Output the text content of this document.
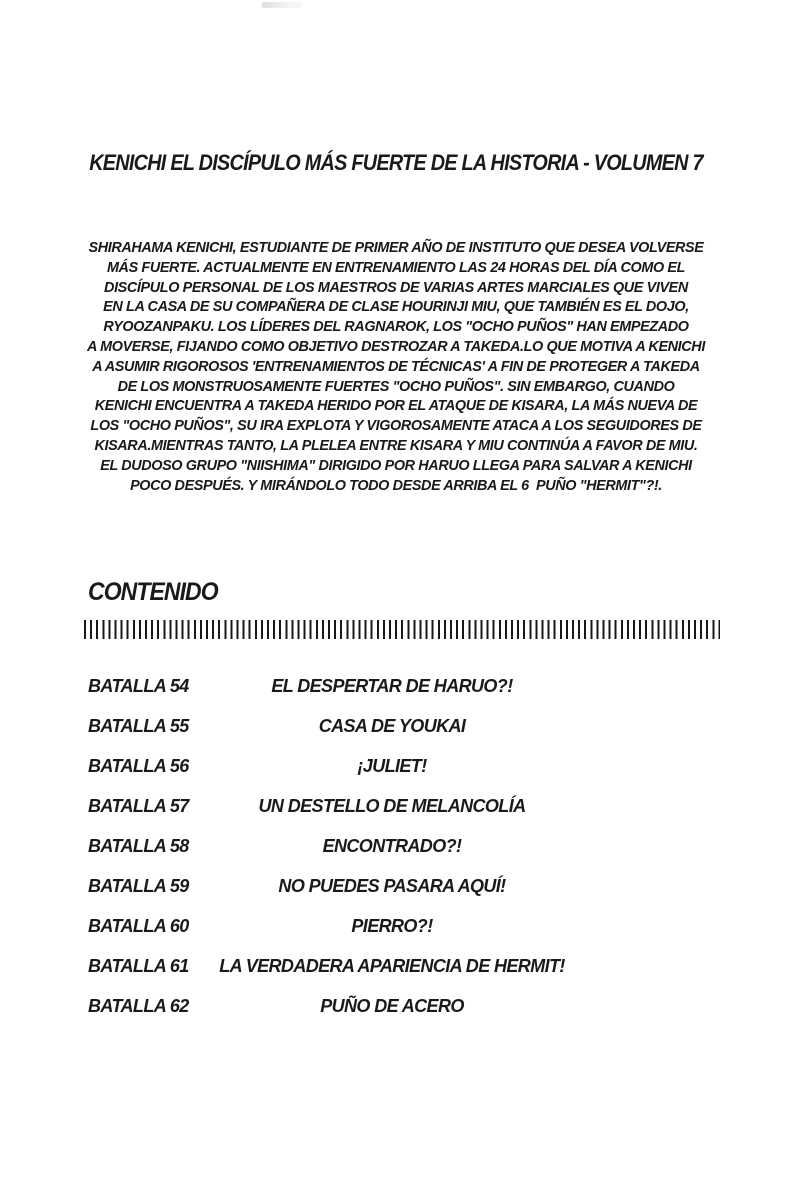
KENICHI EL DISCÍPULO MÁS FUERTE DE LA HISTORIA - VOLUMEN 7
SHIRAHAMA KENICHI, ESTUDIANTE DE PRIMER AÑO DE INSTITUTO QUE DESEA VOLVERSE
MÁS FUERTE. ACTUALMENTE EN ENTRENAMIENTO LAS 24 HORAS DEL DÍA COMO EL
DISCÍPULO PERSONAL DE LOS MAESTROS DE VARIAS ARTES MARCIALES QUE VIVEN
EN LA CASA DE SU COMPAÑERA DE CLASE HOURINJI MIU, QUE TAMBIÉN ES EL DOJO,
RYOOZANPAKU. LOS LÍDERES DEL RAGNAROK, LOS "OCHO PUÑOS" HAN EMPEZADO
A MOVERSE, FIJANDO COMO OBJETIVO DESTROZAR A TAKEDA.LO QUE MOTIVA A KENICHI
A ASUMIR RIGOROSOS 'ENTRENAMIENTOS DE TÉCNICAS' A FIN DE PROTEGER A TAKEDA
DE LOS MONSTRUOSAMENTE FUERTES "OCHO PUÑOS". SIN EMBARGO, CUANDO
KENICHI ENCUENTRA A TAKEDA HERIDO POR EL ATAQUE DE KISARA, LA MÁS NUEVA DE
LOS "OCHO PUÑOS", SU IRA EXPLOTA Y VIGOROSAMENTE ATACA A LOS SEGUIDORES DE
KISARA.MIENTRAS TANTO, LA PLELEA ENTRE KISARA Y MIU CONTINÚA A FAVOR DE MIU.
EL DUDOSO GRUPO "NIISHIMA" DIRIGIDO POR HARUO LLEGA PARA SALVAR A KENICHI
POCO DESPUÉS. Y MIRÁNDOLO TODO DESDE ARRIBA EL 6  PUÑO "HERMIT"?!.
CONTENIDO
BATALLA 54	EL DESPERTAR DE HARUO?!
BATALLA 55	CASA DE YOUKAI
BATALLA 56	¡JULIET!
BATALLA 57	UN DESTELLO DE MELANCOLÍA
BATALLA 58	ENCONTRADO?!
BATALLA 59	NO PUEDES PASARA AQUÍ!
BATALLA 60	PIERRO?!
BATALLA 61	LA VERDADERA APARIENCIA DE HERMIT!
BATALLA 62	PUÑO DE ACERO
